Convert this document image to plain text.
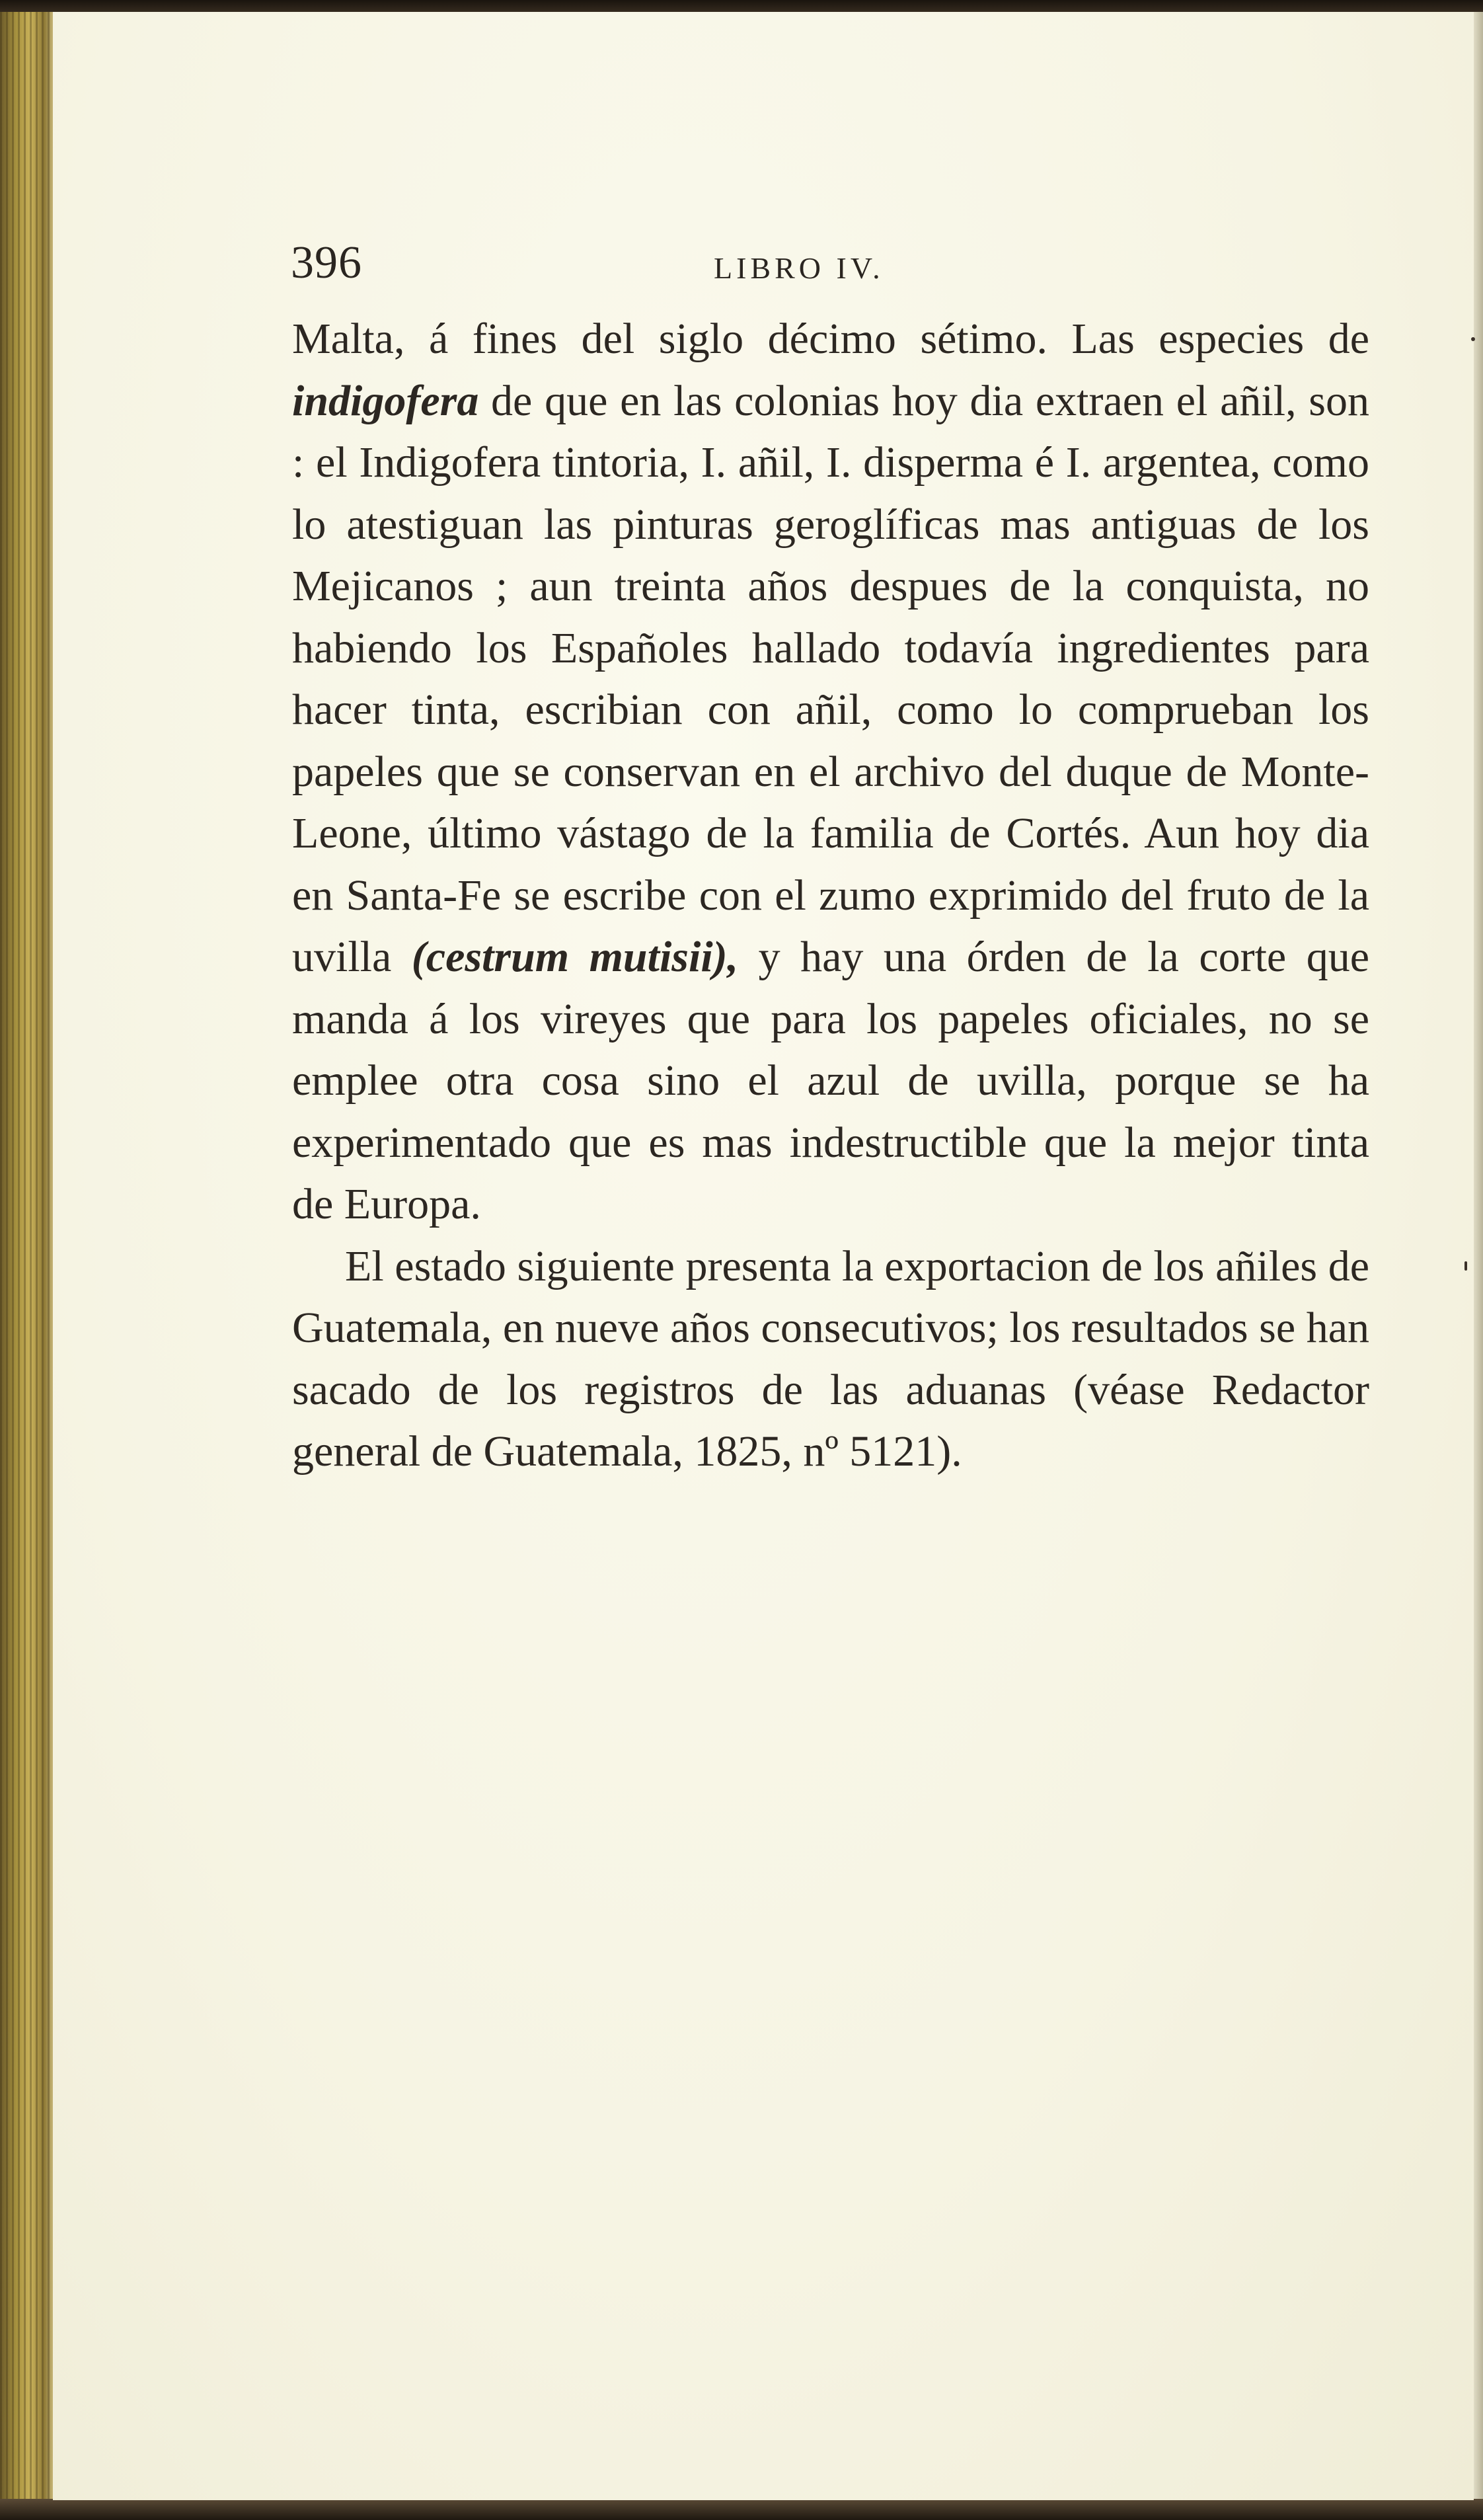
396	LIBRO IV.

Malta, á fines del siglo décimo sétimo. Las especies de indigofera de que en las colonias hoy dia extraen el añil, son : el Indigofera tintoria, I. añil, I. disperma é I. argentea, como lo atestiguan las pinturas geroglíficas mas antiguas de los Mejicanos ; aun treinta años despues de la conquista, no habiendo los Españoles hallado todavía ingredientes para hacer tinta, escribian con añil, como lo comprueban los papeles que se conservan en el archivo del duque de Monte-Leone, último vástago de la familia de Cortés. Aun hoy dia en Santa-Fe se escribe con el zumo exprimido del fruto de la uvilla (cestrum mutisii), y hay una órden de la corte que manda á los vireyes que para los papeles oficiales, no se emplee otra cosa sino el azul de uvilla, porque se ha experimentado que es mas indestructible que la mejor tinta de Europa.

El estado siguiente presenta la exportacion de los añiles de Guatemala, en nueve años consecutivos; los resultados se han sacado de los registros de las aduanas (véase Redactor general de Guatemala, 1825, nº 5121).
